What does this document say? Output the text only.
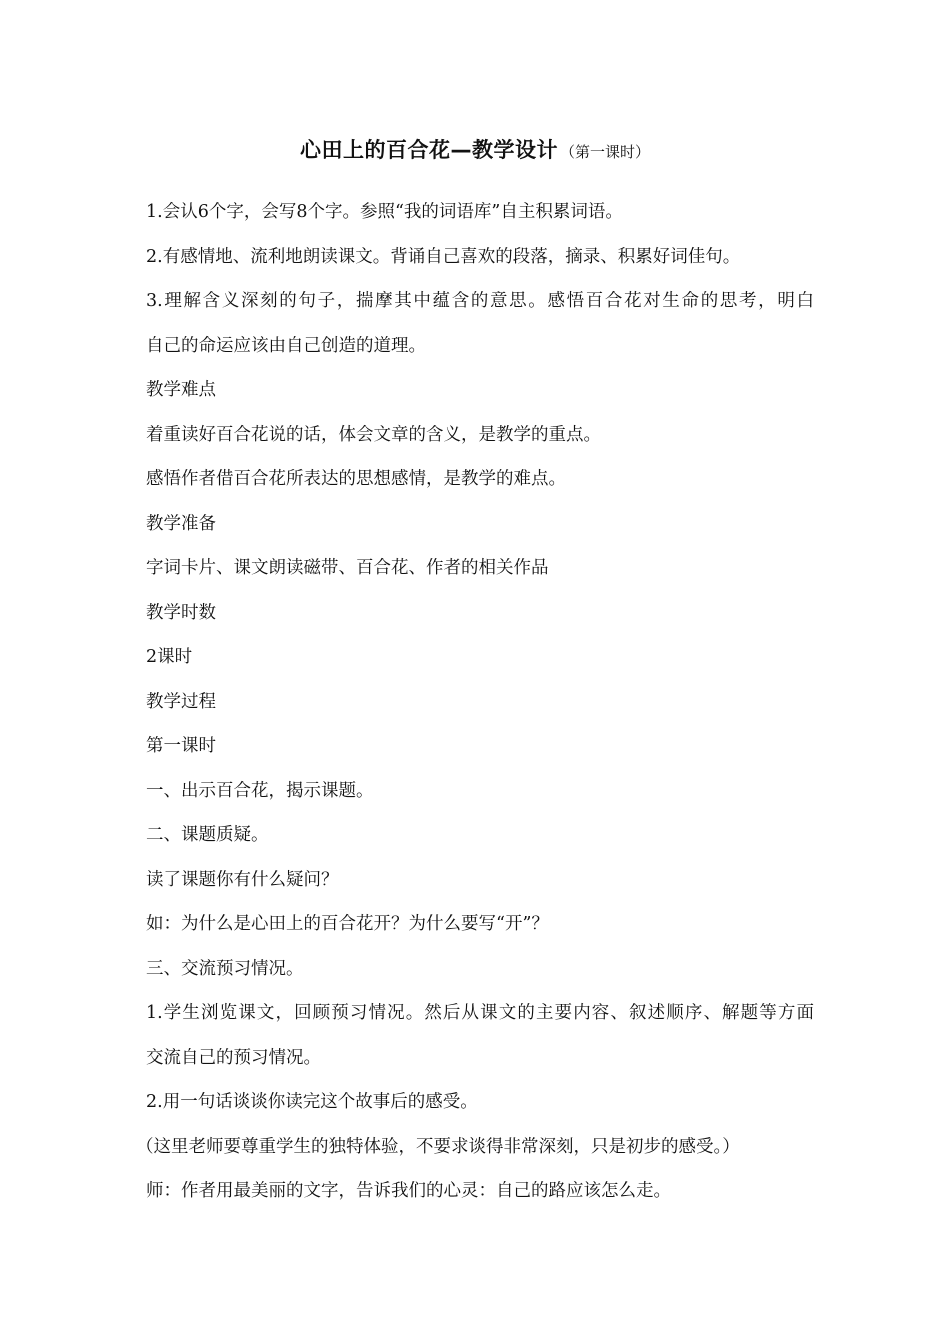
心田上的百合花—教学设计 （第一课时）

1.会认6个字，会写8个字。参照“我的词语库”自主积累词语。

2.有感情地、流利地朗读课文。背诵自己喜欢的段落，摘录、积累好词佳句。

3.理解含义深刻的句子，揣摩其中蕴含的意思。感悟百合花对生命的思考，明白

自己的命运应该由自己创造的道理。

教学难点

着重读好百合花说的话，体会文章的含义，是教学的重点。

感悟作者借百合花所表达的思想感情，是教学的难点。

教学准备

字词卡片、课文朗读磁带、百合花、作者的相关作品

教学时数

2课时

教学过程

第一课时

一、出示百合花，揭示课题。

二、课题质疑。

读了课题你有什么疑问？

如：为什么是心田上的百合花开？为什么要写“开”？

三、交流预习情况。

1.学生浏览课文，回顾预习情况。然后从课文的主要内容、叙述顺序、解题等方面

交流自己的预习情况。

2.用一句话谈谈你读完这个故事后的感受。

（这里老师要尊重学生的独特体验，不要求谈得非常深刻，只是初步的感受。）

师：作者用最美丽的文字，告诉我们的心灵：自己的路应该怎么走。
